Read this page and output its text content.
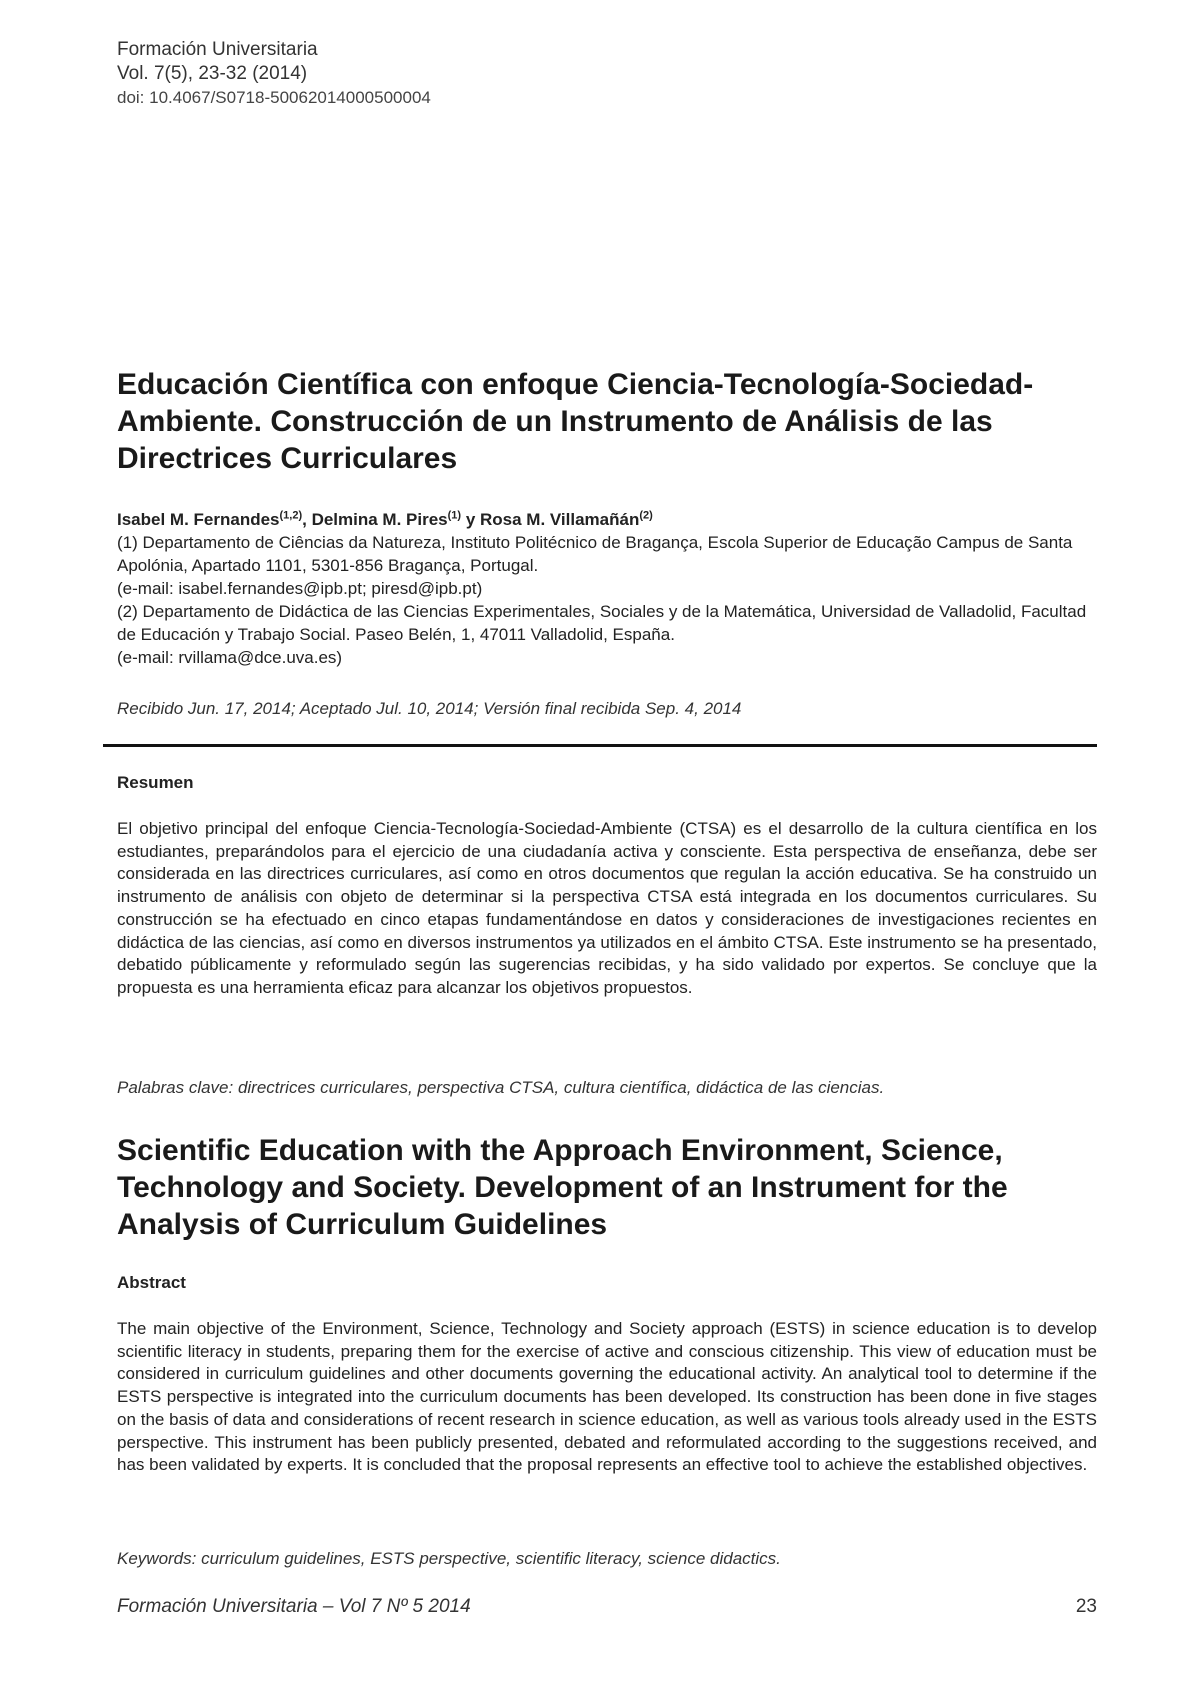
Formación Universitaria
Vol. 7(5), 23-32 (2014)
doi: 10.4067/S0718-50062014000500004
Educación Científica con enfoque Ciencia-Tecnología-Sociedad-Ambiente. Construcción de un Instrumento de Análisis de las Directrices Curriculares
Isabel M. Fernandes$^{(1,2)}$, Delmina M. Pires$^{(1)}$ y Rosa M. Villamañán$^{(2)}$
(1) Departamento de Ciências da Natureza, Instituto Politécnico de Bragança, Escola Superior de Educação Campus de Santa Apolónia, Apartado 1101, 5301-856 Bragança, Portugal.
(e-mail: isabel.fernandes@ipb.pt; piresd@ipb.pt)
(2) Departamento de Didáctica de las Ciencias Experimentales, Sociales y de la Matemática, Universidad de Valladolid, Facultad de Educación y Trabajo Social. Paseo Belén, 1, 47011 Valladolid, España.
(e-mail: rvillama@dce.uva.es)
Recibido Jun. 17, 2014; Aceptado Jul. 10, 2014; Versión final recibida Sep. 4, 2014
Resumen
El objetivo principal del enfoque Ciencia-Tecnología-Sociedad-Ambiente (CTSA) es el desarrollo de la cultura científica en los estudiantes, preparándolos para el ejercicio de una ciudadanía activa y consciente. Esta perspectiva de enseñanza, debe ser considerada en las directrices curriculares, así como en otros documentos que regulan la acción educativa. Se ha construido un instrumento de análisis con objeto de determinar si la perspectiva CTSA está integrada en los documentos curriculares. Su construcción se ha efectuado en cinco etapas fundamentándose en datos y consideraciones de investigaciones recientes en didáctica de las ciencias, así como en diversos instrumentos ya utilizados en el ámbito CTSA. Este instrumento se ha presentado, debatido públicamente y reformulado según las sugerencias recibidas, y ha sido validado por expertos. Se concluye que la propuesta es una herramienta eficaz para alcanzar los objetivos propuestos.
Palabras clave: directrices curriculares, perspectiva CTSA, cultura científica, didáctica de las ciencias.
Scientific Education with the Approach Environment, Science, Technology and Society. Development of an Instrument for the Analysis of Curriculum Guidelines
Abstract
The main objective of the Environment, Science, Technology and Society approach (ESTS) in science education is to develop scientific literacy in students, preparing them for the exercise of active and conscious citizenship. This view of education must be considered in curriculum guidelines and other documents governing the educational activity. An analytical tool to determine if the ESTS perspective is integrated into the curriculum documents has been developed. Its construction has been done in five stages on the basis of data and considerations of recent research in science education, as well as various tools already used in the ESTS perspective. This instrument has been publicly presented, debated and reformulated according to the suggestions received, and has been validated by experts. It is concluded that the proposal represents an effective tool to achieve the established objectives.
Keywords: curriculum guidelines, ESTS perspective, scientific literacy, science didactics.
Formación Universitaria – Vol 7 Nº 5 2014	23
